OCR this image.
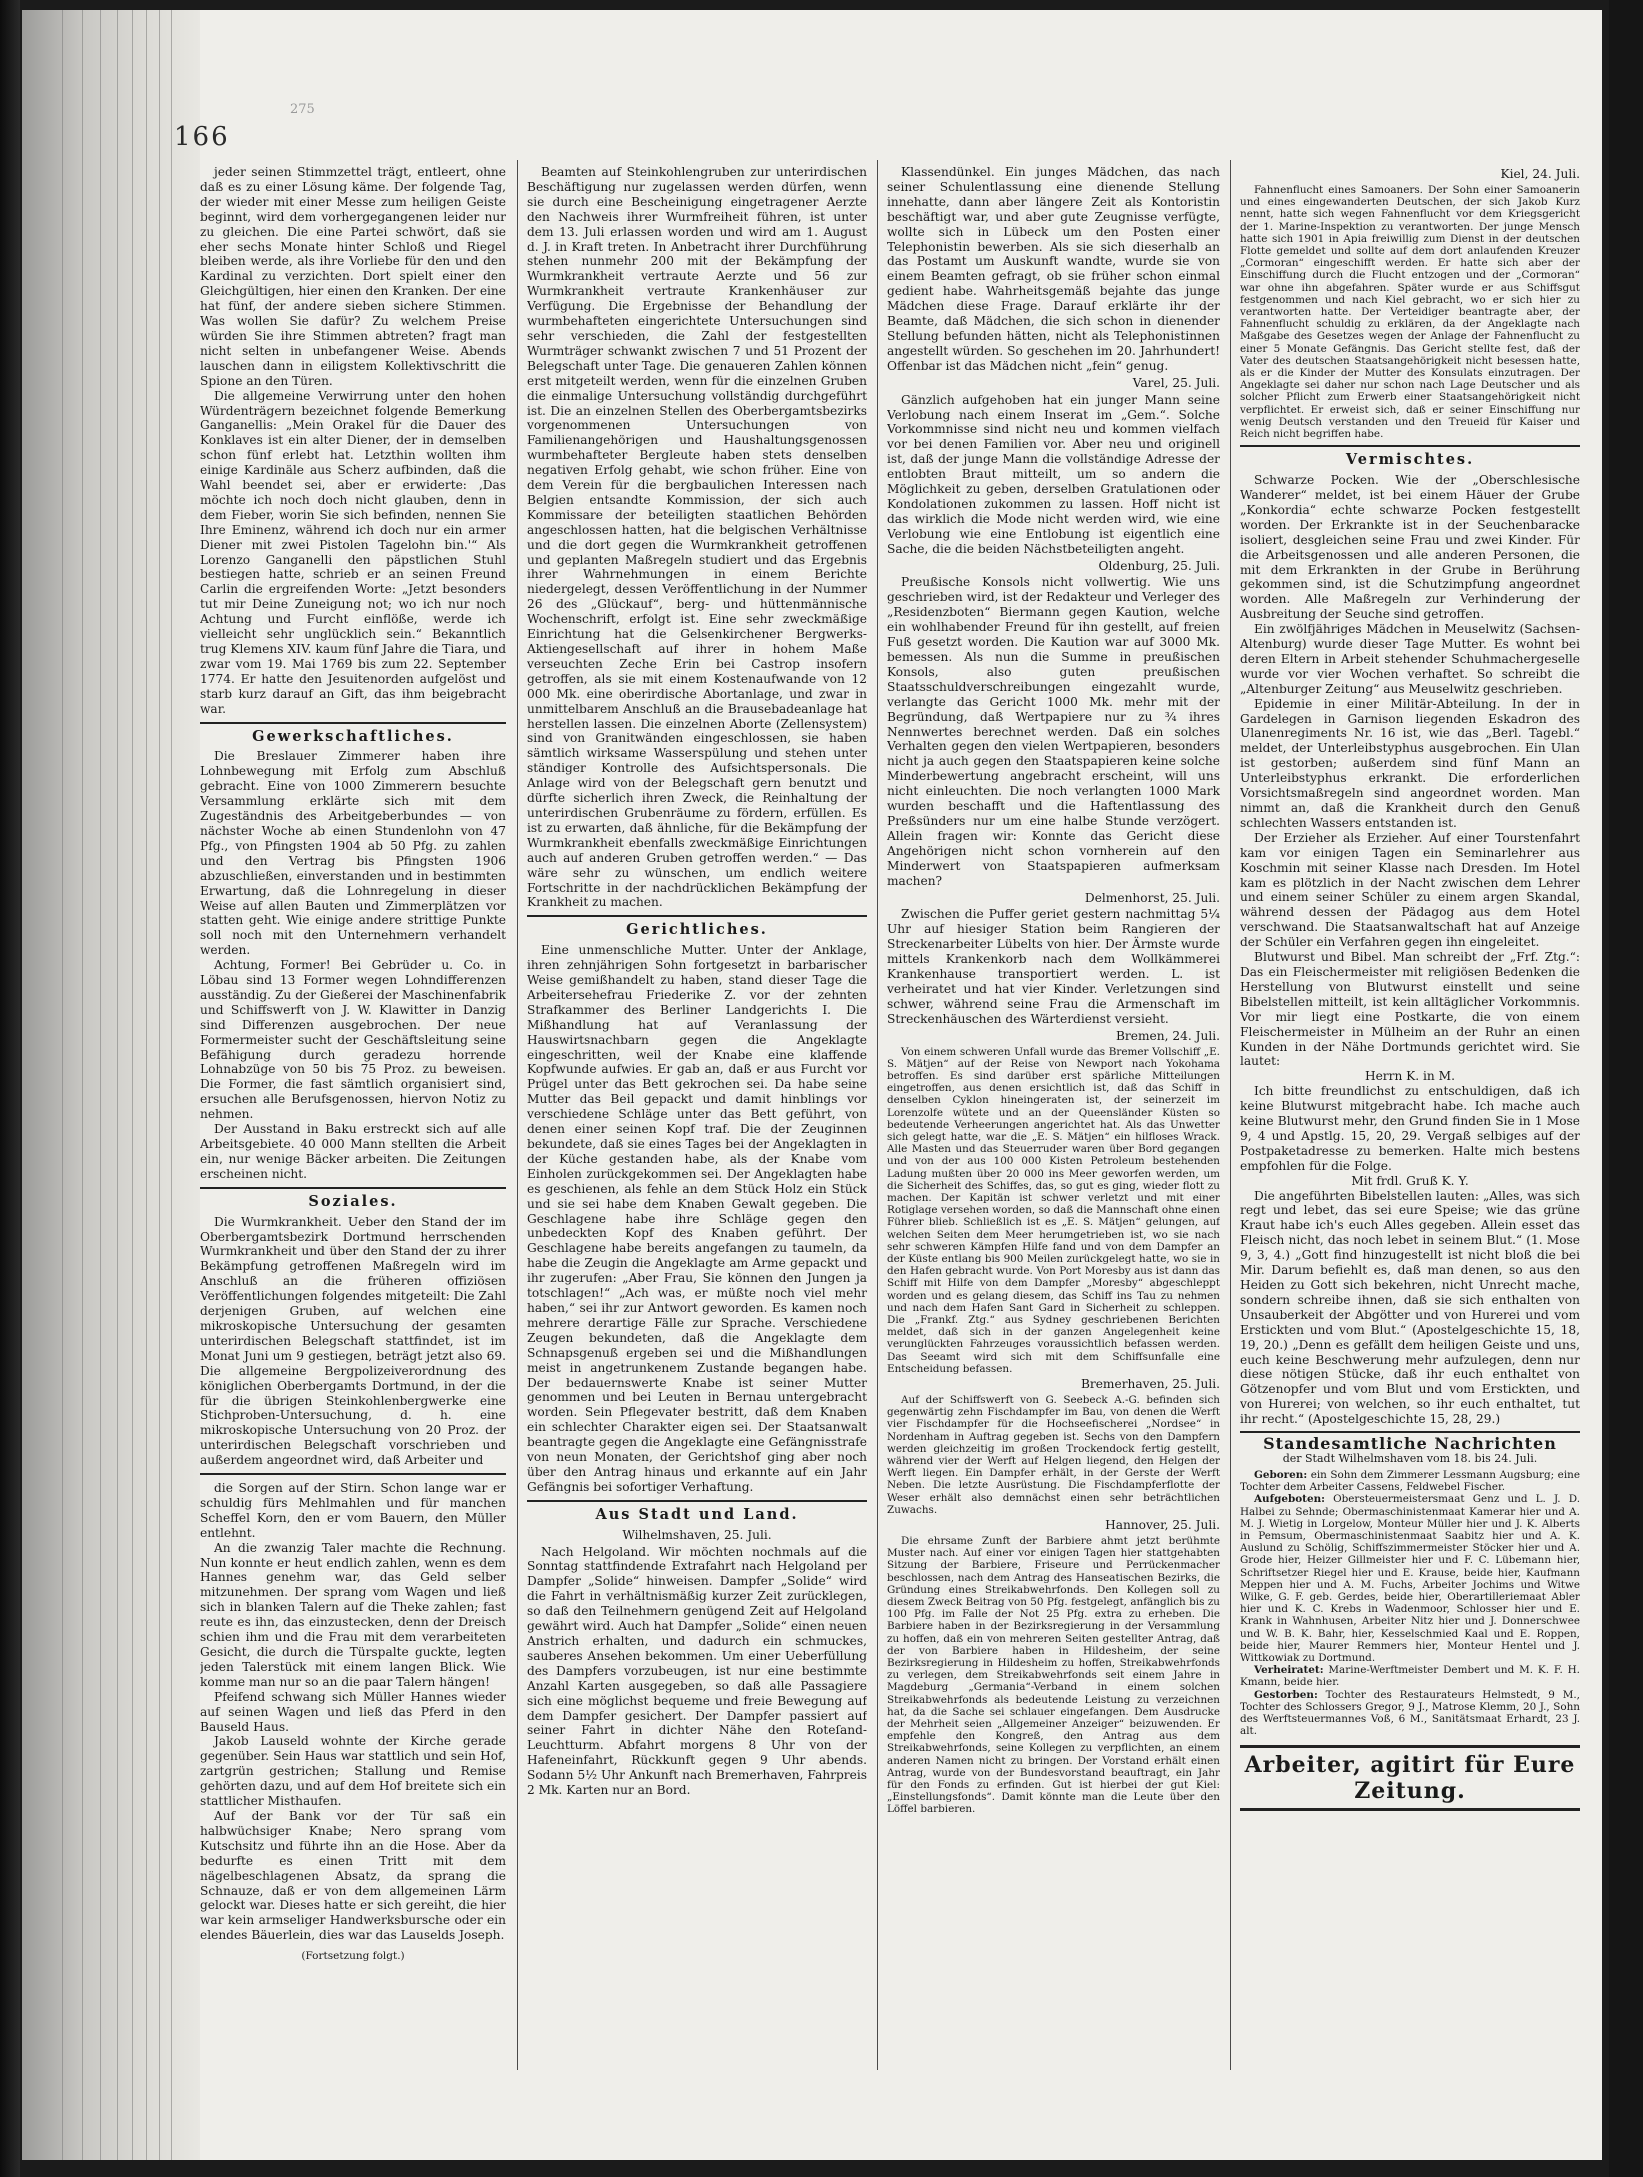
166
275

jeder seinen Stimmzettel trägt, entleert, ohne daß es zu einer Lösung käme. Der folgende Tag, der wieder mit einer Messe zum heiligen Geiste beginnt, wird dem vorhergegangenen leider nur zu gleichen. Die eine Partei schwört, daß sie eher sechs Monate hinter Schloß und Riegel bleiben werde, als ihre Vorliebe für den und den Kardinal zu verzichten. Dort spielt einer den Gleichgültigen, hier einen den Kranken. Der eine hat fünf, der andere sieben sichere Stimmen. Was wollen Sie dafür? Zu welchem Preise würden Sie ihre Stimmen abtreten? fragt man nicht selten in unbefangener Weise. Abends lauschen dann in eiligstem Kollektivschritt die Spione an den Türen.

Die allgemeine Verwirrung unter den hohen Würdenträgern bezeichnet folgende Bemerkung Ganganellis: „Mein Orakel für die Dauer des Konklaves ist ein alter Diener, der in demselben schon fünf erlebt hat. Letzthin wollten ihm einige Kardinäle aus Scherz aufbinden, daß die Wahl beendet sei, aber er erwiderte: ‚Das möchte ich noch doch nicht glauben, denn in dem Fieber, worin Sie sich befinden, nennen Sie Ihre Eminenz, während ich doch nur ein armer Diener mit zwei Pistolen Tagelohn bin.'“ Als Lorenzo Ganganelli den päpstlichen Stuhl bestiegen hatte, schrieb er an seinen Freund Carlin die ergreifenden Worte: „Jetzt besonders tut mir Deine Zuneigung not; wo ich nur noch Achtung und Furcht einflöße, werde ich vielleicht sehr unglücklich sein.“ Bekanntlich trug Klemens XIV. kaum fünf Jahre die Tiara, und zwar vom 19. Mai 1769 bis zum 22. September 1774. Er hatte den Jesuitenorden aufgelöst und starb kurz darauf an Gift, das ihm beigebracht war.

Gewerkschaftliches.

Die Breslauer Zimmerer haben ihre Lohnbewegung mit Erfolg zum Abschluß gebracht. Eine von 1000 Zimmerern besuchte Versammlung erklärte sich mit dem Zugeständnis des Arbeitgeberbundes — von nächster Woche ab einen Stundenlohn von 47 Pfg., von Pfingsten 1904 ab 50 Pfg. zu zahlen und den Vertrag bis Pfingsten 1906 abzuschließen, einverstanden und in bestimmten Erwartung, daß die Lohnregelung in dieser Weise auf allen Bauten und Zimmerplätzen vor statten geht. Wie einige andere strittige Punkte soll noch mit den Unternehmern verhandelt werden.

Achtung, Former! Bei Gebrüder u. Co. in Löbau sind 13 Former wegen Lohndifferenzen ausständig. Zu der Gießerei der Maschinenfabrik und Schiffswerft von J. W. Klawitter in Danzig sind Differenzen ausgebrochen. Der neue Formermeister sucht der Geschäftsleitung seine Befähigung durch geradezu horrende Lohnabzüge von 50 bis 75 Proz. zu beweisen. Die Former, die fast sämtlich organisiert sind, ersuchen alle Berufsgenossen, hiervon Notiz zu nehmen.

Der Ausstand in Baku erstreckt sich auf alle Arbeitsgebiete. 40 000 Mann stellten die Arbeit ein, nur wenige Bäcker arbeiten. Die Zeitungen erscheinen nicht.

Soziales.

Die Wurmkrankheit. Ueber den Stand der im Oberbergamtsbezirk Dortmund herrschenden Wurmkrankheit und über den Stand der zu ihrer Bekämpfung getroffenen Maßregeln wird im Anschluß an die früheren offiziösen Veröffentlichungen folgendes mitgeteilt: Die Zahl derjenigen Gruben, auf welchen eine mikroskopische Untersuchung der gesamten unterirdischen Belegschaft stattfindet, ist im Monat Juni um 9 gestiegen, beträgt jetzt also 69. Die allgemeine Bergpolizeiverordnung des königlichen Oberbergamts Dortmund, in der die für die übrigen Steinkohlenbergwerke eine Stichproben-Untersuchung, d. h. eine mikroskopische Untersuchung von 20 Proz. der unterirdischen Belegschaft vorschrieben und außerdem angeordnet wird, daß Arbeiter und

die Sorgen auf der Stirn. Schon lange war er schuldig fürs Mehlmahlen und für manchen Scheffel Korn, den er vom Bauern, den Müller entlehnt.

An die zwanzig Taler machte die Rechnung. Nun konnte er heut endlich zahlen, wenn es dem Hannes genehm war, das Geld selber mitzunehmen. Der sprang vom Wagen und ließ sich in blanken Talern auf die Theke zahlen; fast reute es ihn, das einzustecken, denn der Dreisch schien ihm und die Frau mit dem verarbeiteten Gesicht, die durch die Türspalte guckte, legten jeden Talerstück mit einem langen Blick. Wie komme man nur so an die paar Talern hängen!

Pfeifend schwang sich Müller Hannes wieder auf seinen Wagen und ließ das Pferd in den Bauseld Haus.

Jakob Lauseld wohnte der Kirche gerade gegenüber. Sein Haus war stattlich und sein Hof, zartgrün gestrichen; Stallung und Remise gehörten dazu, und auf dem Hof breitete sich ein stattlicher Misthaufen.

Auf der Bank vor der Tür saß ein halbwüchsiger Knabe; Nero sprang vom Kutschsitz und führte ihn an die Hose. Aber da bedurfte es einen Tritt mit dem nägelbeschlagenen Absatz, da sprang die Schnauze, daß er von dem allgemeinen Lärm gelockt war. Dieses hatte er sich gereiht, die hier war kein armseliger Handwerksbursche oder ein elendes Bäuerlein, dies war das Lauselds Joseph.

(Fortsetzung folgt.)

Beamten auf Steinkohlengruben zur unterirdischen Beschäftigung nur zugelassen werden dürfen, wenn sie durch eine Bescheinigung eingetragener Aerzte den Nachweis ihrer Wurmfreiheit führen, ist unter dem 13. Juli erlassen worden und wird am 1. August d. J. in Kraft treten. In Anbetracht ihrer Durchführung stehen nunmehr 200 mit der Bekämpfung der Wurmkrankheit vertraute Aerzte und 56 zur Wurmkrankheit vertraute Krankenhäuser zur Verfügung. Die Ergebnisse der Behandlung der wurmbehafteten eingerichtete Untersuchungen sind sehr verschieden, die Zahl der festgestellten Wurmträger schwankt zwischen 7 und 51 Prozent der Belegschaft unter Tage. Die genaueren Zahlen können erst mitgeteilt werden, wenn für die einzelnen Gruben die einmalige Untersuchung vollständig durchgeführt ist. Die an einzelnen Stellen des Oberbergamtsbezirks vorgenommenen Untersuchungen von Familienangehörigen und Haushaltungsgenossen wurmbehafteter Bergleute haben stets denselben negativen Erfolg gehabt, wie schon früher. Eine von dem Verein für die bergbaulichen Interessen nach Belgien entsandte Kommission, der sich auch Kommissare der beteiligten staatlichen Behörden angeschlossen hatten, hat die belgischen Verhältnisse und die dort gegen die Wurmkrankheit getroffenen und geplanten Maßregeln studiert und das Ergebnis ihrer Wahrnehmungen in einem Berichte niedergelegt, dessen Veröffentlichung in der Nummer 26 des „Glückauf“, berg- und hüttenmännische Wochenschrift, erfolgt ist. Eine sehr zweckmäßige Einrichtung hat die Gelsenkirchener Bergwerks-Aktiengesellschaft auf ihrer in hohem Maße verseuchten Zeche Erin bei Castrop insofern getroffen, als sie mit einem Kostenaufwande von 12 000 Mk. eine oberirdische Abortanlage, und zwar in unmittelbarem Anschluß an die Brausebadeanlage hat herstellen lassen. Die einzelnen Aborte (Zellensystem) sind von Granitwänden eingeschlossen, sie haben sämtlich wirksame Wasserspülung und stehen unter ständiger Kontrolle des Aufsichtspersonals. Die Anlage wird von der Belegschaft gern benutzt und dürfte sicherlich ihren Zweck, die Reinhaltung der unterirdischen Grubenräume zu fördern, erfüllen. Es ist zu erwarten, daß ähnliche, für die Bekämpfung der Wurmkrankheit ebenfalls zweckmäßige Einrichtungen auch auf anderen Gruben getroffen werden.“ — Das wäre sehr zu wünschen, um endlich weitere Fortschritte in der nachdrücklichen Bekämpfung der Krankheit zu machen.

Gerichtliches.

Eine unmenschliche Mutter. Unter der Anklage, ihren zehnjährigen Sohn fortgesetzt in barbarischer Weise gemißhandelt zu haben, stand dieser Tage die Arbeitersehefrau Friederike Z. vor der zehnten Strafkammer des Berliner Landgerichts I. Die Mißhandlung hat auf Veranlassung der Hauswirtsnachbarn gegen die Angeklagte eingeschritten, weil der Knabe eine klaffende Kopfwunde aufwies. Er gab an, daß er aus Furcht vor Prügel unter das Bett gekrochen sei. Da habe seine Mutter das Beil gepackt und damit hinblings vor verschiedene Schläge unter das Bett geführt, von denen einer seinen Kopf traf. Die der Zeuginnen bekundete, daß sie eines Tages bei der Angeklagten in der Küche gestanden habe, als der Knabe vom Einholen zurückgekommen sei. Der Angeklagten habe es geschienen, als fehle an dem Stück Holz ein Stück und sie sei habe dem Knaben Gewalt gegeben. Die Geschlagene habe ihre Schläge gegen den unbedeckten Kopf des Knaben geführt. Der Geschlagene habe bereits angefangen zu taumeln, da habe die Zeugin die Angeklagte am Arme gepackt und ihr zugerufen: „Aber Frau, Sie können den Jungen ja totschlagen!“ „Ach was, er müßte noch viel mehr haben,“ sei ihr zur Antwort geworden. Es kamen noch mehrere derartige Fälle zur Sprache. Verschiedene Zeugen bekundeten, daß die Angeklagte dem Schnapsgenuß ergeben sei und die Mißhandlungen meist in angetrunkenem Zustande begangen habe. Der bedauernswerte Knabe ist seiner Mutter genommen und bei Leuten in Bernau untergebracht worden. Sein Pflegevater bestritt, daß dem Knaben ein schlechter Charakter eigen sei. Der Staatsanwalt beantragte gegen die Angeklagte eine Gefängnisstrafe von neun Monaten, der Gerichtshof ging aber noch über den Antrag hinaus und erkannte auf ein Jahr Gefängnis bei sofortiger Verhaftung.

Aus Stadt und Land.
Wilhelmshaven, 25. Juli.

Nach Helgoland. Wir möchten nochmals auf die Sonntag stattfindende Extrafahrt nach Helgoland per Dampfer „Solide“ hinweisen. Dampfer „Solide“ wird die Fahrt in verhältnismäßig kurzer Zeit zurücklegen, so daß den Teilnehmern genügend Zeit auf Helgoland gewährt wird. Auch hat Dampfer „Solide“ einen neuen Anstrich erhalten, und dadurch ein schmuckes, sauberes Ansehen bekommen. Um einer Ueberfüllung des Dampfers vorzubeugen, ist nur eine bestimmte Anzahl Karten ausgegeben, so daß alle Passagiere sich eine möglichst bequeme und freie Bewegung auf dem Dampfer gesichert. Der Dampfer passiert auf seiner Fahrt in dichter Nähe den Roteſand-Leuchtturm. Abfahrt morgens 8 Uhr von der Hafeneinfahrt, Rückkunft gegen 9 Uhr abends. Sodann 5½ Uhr Ankunft nach Bremerhaven, Fahrpreis 2 Mk. Karten nur an Bord.

Klassendünkel. Ein junges Mädchen, das nach seiner Schulentlassung eine dienende Stellung innehatte, dann aber längere Zeit als Kontoristin beschäftigt war, und aber gute Zeugnisse verfügte, wollte sich in Lübeck um den Posten einer Telephonistin bewerben. Als sie sich dieserhalb an das Postamt um Auskunft wandte, wurde sie von einem Beamten gefragt, ob sie früher schon einmal gedient habe. Wahrheitsgemäß bejahte das junge Mädchen diese Frage. Darauf erklärte ihr der Beamte, daß Mädchen, die sich schon in dienender Stellung befunden hätten, nicht als Telephonistinnen angestellt würden. So geschehen im 20. Jahrhundert! Offenbar ist das Mädchen nicht „fein“ genug.

Varel, 25. Juli.

Gänzlich aufgehoben hat ein junger Mann seine Verlobung nach einem Inserat im „Gem.“. Solche Vorkommnisse sind nicht neu und kommen vielfach vor bei denen Familien vor. Aber neu und originell ist, daß der junge Mann die vollständige Adresse der entlobten Braut mitteilt, um so andern die Möglichkeit zu geben, derselben Gratulationen oder Kondolationen zukommen zu lassen. Hoff nicht ist das wirklich die Mode nicht werden wird, wie eine Verlobung wie eine Entlobung ist eigentlich eine Sache, die die beiden Nächstbeteiligten angeht.

Oldenburg, 25. Juli.

Preußische Konsols nicht vollwertig. Wie uns geschrieben wird, ist der Redakteur und Verleger des „Residenzboten“ Biermann gegen Kaution, welche ein wohlhabender Freund für ihn gestellt, auf freien Fuß gesetzt worden. Die Kaution war auf 3000 Mk. bemessen. Als nun die Summe in preußischen Konsols, also guten preußischen Staatsschuldverschreibungen eingezahlt wurde, verlangte das Gericht 1000 Mk. mehr mit der Begründung, daß Wertpapiere nur zu ¾ ihres Nennwertes berechnet werden. Daß ein solches Verhalten gegen den vielen Wertpapieren, besonders nicht ja auch gegen den Staatspapieren keine solche Minderbewertung angebracht erscheint, will uns nicht einleuchten. Die noch verlangten 1000 Mark wurden beschafft und die Haftentlassung des Preßsünders nur um eine halbe Stunde verzögert. Allein fragen wir: Konnte das Gericht diese Angehörigen nicht schon vornherein auf den Minderwert von Staatspapieren aufmerksam machen?

Delmenhorst, 25. Juli.

Zwischen die Puffer geriet gestern nachmittag 5¼ Uhr auf hiesiger Station beim Rangieren der Streckenarbeiter Lübelts von hier. Der Ärmste wurde mittels Krankenkorb nach dem Wollkämmerei Krankenhause transportiert werden. L. ist verheiratet und hat vier Kinder. Verletzungen sind schwer, während seine Frau die Armenschaft im Streckenhäuschen des Wärterdienst versieht.

Bremen, 24. Juli.

Von einem schweren Unfall wurde das Bremer Vollschiff „E. S. Mätjen“ auf der Reise von Newport nach Yokohama betroffen. Es sind darüber erst spärliche Mitteilungen eingetroffen, aus denen ersichtlich ist, daß das Schiff in denselben Cyklon hineingeraten ist, der seinerzeit im Lorenzolfe wütete und an der Queensländer Küsten so bedeutende Verheerungen angerichtet hat. Als das Unwetter sich gelegt hatte, war die „E. S. Mätjen“ ein hilfloses Wrack. Alle Masten und das Steuerruder waren über Bord gegangen und von der aus 100 000 Kisten Petroleum bestehenden Ladung mußten über 20 000 ins Meer geworfen werden, um die Sicherheit des Schiffes, das, so gut es ging, wieder flott zu machen. Der Kapitän ist schwer verletzt und mit einer Rotiglage versehen worden, so daß die Mannschaft ohne einen Führer blieb. Schließlich ist es „E. S. Mätjen“ gelungen, auf welchen Seiten dem Meer herumgetrieben ist, wo sie nach sehr schweren Kämpfen Hilfe fand und von dem Dampfer an der Küste entlang bis 900 Meilen zurückgelegt hatte, wo sie in den Hafen gebracht wurde. Von Port Moresby aus ist dann das Schiff mit Hilfe von dem Dampfer „Moresby“ abgeschleppt worden und es gelang diesem, das Schiff ins Tau zu nehmen und nach dem Hafen Sant Gard in Sicherheit zu schleppen. Die „Frankf. Ztg.“ aus Sydney geschriebenen Berichten meldet, daß sich in der ganzen Angelegenheit keine verunglückten Fahrzeuges voraussichtlich befassen werden. Das Seeamt wird sich mit dem Schiffsunfalle eine Entscheidung befassen.

Bremerhaven, 25. Juli.

Auf der Schiffswerft von G. Seebeck A.-G. befinden sich gegenwärtig zehn Fischdampfer im Bau, von denen die Werft vier Fischdampfer für die Hochseefischerei „Nordsee“ in Nordenham in Auftrag gegeben ist. Sechs von den Dampfern werden gleichzeitig im großen Trockendock fertig gestellt, während vier der Werft auf Helgen liegend, den Helgen der Werft liegen. Ein Dampfer erhält, in der Gerste der Werft Neben. Die letzte Ausrüstung. Die Fischdampferflotte der Weser erhält also demnächst einen sehr beträchtlichen Zuwachs.

Hannover, 25. Juli.

Die ehrsame Zunft der Barbiere ahmt jetzt berühmte Muster nach. Auf einer vor einigen Tagen hier stattgehabten Sitzung der Barbiere, Friseure und Perrückenmacher beschlossen, nach dem Antrag des Hanseatischen Bezirks, die Gründung eines Streikabwehrfonds. Den Kollegen soll zu diesem Zweck Beitrag von 50 Pfg. festgelegt, anfänglich bis zu 100 Pfg. im Falle der Not 25 Pfg. extra zu erheben. Die Barbiere haben in der Bezirksregierung in der Versammlung zu hoffen, daß ein von mehreren Seiten gestellter Antrag, daß der von Barbiere haben in Hildesheim, der seine Bezirksregierung in Hildesheim zu hoffen, Streikabwehrfonds zu verlegen, dem Streikabwehrfonds seit einem Jahre in Magdeburg „Germania“-Verband in einem solchen Streikabwehrfonds als bedeutende Leistung zu verzeichnen hat, da die Sache sei schlauer eingefangen. Dem Ausdrucke der Mehrheit seien „Allgemeiner Anzeiger“ beizuwenden. Er empfehle den Kongreß, den Antrag aus dem Streikabwehrfonds, seine Kollegen zu verpflichten, an einem anderen Namen nicht zu bringen. Der Vorstand erhält einen Antrag, wurde von der Bundesvorstand beauftragt, ein Jahr für den Fonds zu erfinden. Gut ist hierbei der gut Kiel: „Einstellungsfonds“. Damit könnte man die Leute über den Löffel barbieren.

Kiel, 24. Juli.

Fahnenflucht eines Samoaners. Der Sohn einer Samoanerin und eines eingewanderten Deutschen, der sich Jakob Kurz nennt, hatte sich wegen Fahnenflucht vor dem Kriegsgericht der 1. Marine-Inspektion zu verantworten. Der junge Mensch hatte sich 1901 in Apia freiwillig zum Dienst in der deutschen Flotte gemeldet und sollte auf dem dort anlaufenden Kreuzer „Cormoran“ eingeschifft werden. Er hatte sich aber der Einschiffung durch die Flucht entzogen und der „Cormoran“ war ohne ihn abgefahren. Später wurde er aus Schiffsgut festgenommen und nach Kiel gebracht, wo er sich hier zu verantworten hatte. Der Verteidiger beantragte aber, der Fahnenflucht schuldig zu erklären, da der Angeklagte nach Maßgabe des Gesetzes wegen der Anlage der Fahnenflucht zu einer 5 Monate Gefängnis. Das Gericht stellte fest, daß der Vater des deutschen Staatsangehörigkeit nicht besessen hatte, als er die Kinder der Mutter des Konsulats einzutragen. Der Angeklagte sei daher nur schon nach Lage Deutscher und als solcher Pflicht zum Erwerb einer Staatsangehörigkeit nicht verpflichtet. Er erweist sich, daß er seiner Einschiffung nur wenig Deutsch verstanden und den Treueid für Kaiser und Reich nicht begriffen habe.

Vermischtes.

Schwarze Pocken. Wie der „Oberschlesische Wanderer“ meldet, ist bei einem Häuer der Grube „Konkordia“ echte schwarze Pocken festgestellt worden. Der Erkrankte ist in der Seuchenbaracke isoliert, desgleichen seine Frau und zwei Kinder. Für die Arbeitsgenossen und alle anderen Personen, die mit dem Erkrankten in der Grube in Berührung gekommen sind, ist die Schutzimpfung angeordnet worden. Alle Maßregeln zur Verhinderung der Ausbreitung der Seuche sind getroffen.

Ein zwölfjähriges Mädchen in Meuselwitz (Sachsen-Altenburg) wurde dieser Tage Mutter. Es wohnt bei deren Eltern in Arbeit stehender Schuhmachergeselle wurde vor vier Wochen verhaftet. So schreibt die „Altenburger Zeitung“ aus Meuselwitz geschrieben.

Epidemie in einer Militär-Abteilung. In der in Gardelegen in Garnison liegenden Eskadron des Ulanenregiments Nr. 16 ist, wie das „Berl. Tagebl.“ meldet, der Unterleibstyphus ausgebrochen. Ein Ulan ist gestorben; außerdem sind fünf Mann an Unterleibstyphus erkrankt. Die erforderlichen Vorsichtsmaßregeln sind angeordnet worden. Man nimmt an, daß die Krankheit durch den Genuß schlechten Wassers entstanden ist.

Der Erzieher als Erzieher. Auf einer Tourstenfahrt kam vor einigen Tagen ein Seminarlehrer aus Koschmin mit seiner Klasse nach Dresden. Im Hotel kam es plötzlich in der Nacht zwischen dem Lehrer und einem seiner Schüler zu einem argen Skandal, während dessen der Pädagog aus dem Hotel verschwand. Die Staatsanwaltschaft hat auf Anzeige der Schüler ein Verfahren gegen ihn eingeleitet.

Blutwurst und Bibel. Man schreibt der „Frf. Ztg.“: Das ein Fleischermeister mit religiösen Bedenken die Herstellung von Blutwurst einstellt und seine Bibelstellen mitteilt, ist kein alltäglicher Vorkommnis. Vor mir liegt eine Postkarte, die von einem Fleischermeister in Mülheim an der Ruhr an einen Kunden in der Nähe Dortmunds gerichtet wird. Sie lautet:

Herrn K. in M.

Ich bitte freundlichst zu entschuldigen, daß ich keine Blutwurst mitgebracht habe. Ich mache auch keine Blutwurst mehr, den Grund finden Sie in 1 Mose 9, 4 und Apstlg. 15, 20, 29. Vergaß selbiges auf der Postpaketadresse zu bemerken. Halte mich bestens empfohlen für die Folge.

Mit frdl. Gruß K. Y.

Die angeführten Bibelstellen lauten: „Alles, was sich regt und lebet, das sei eure Speise; wie das grüne Kraut habe ich's euch Alles gegeben. Allein esset das Fleisch nicht, das noch lebet in seinem Blut.“ (1. Mose 9, 3, 4.) „Gott find hinzugestellt ist nicht bloß die bei Mir. Darum befiehlt es, daß man denen, so aus den Heiden zu Gott sich bekehren, nicht Unrecht mache, sondern schreibe ihnen, daß sie sich enthalten von Unsauberkeit der Abgötter und von Hurerei und vom Erstickten und vom Blut.“ (Apostelgeschichte 15, 18, 19, 20.) „Denn es gefällt dem heiligen Geiste und uns, euch keine Beschwerung mehr aufzulegen, denn nur diese nötigen Stücke, daß ihr euch enthaltet von Götzenopfer und vom Blut und vom Erstickten, und von Hurerei; von welchen, so ihr euch enthaltet, tut ihr recht.“ (Apostelgeschichte 15, 28, 29.)

Standesamtliche Nachrichten
der Stadt Wilhelmshaven vom 18. bis 24. Juli.

Geboren: ein Sohn dem Zimmerer Lessmann Augsburg; eine Tochter dem Arbeiter Cassens, Feldwebel Fischer.

Aufgeboten: Obersteuermeistersmaat Genz und L. J. D. Halbei zu Sehnde; Obermaschinistenmaat Kamerar hier und A. M. J. Wietig in Lorgelow, Monteur Müller hier und J. K. Alberts in Pemsum, Obermaschinistenmaat Saabitz hier und A. K. Auslund zu Schölig, Schiffszimmermeister Stöcker hier und A. Grode hier, Heizer Gillmeister hier und F. C. Lübemann hier, Schriftsetzer Riegel hier und E. Krause, beide hier, Kaufmann Meppen hier und A. M. Fuchs, Arbeiter Jochims und Witwe Wilke, G. F. geb. Gerdes, beide hier, Oberartilleriemaat Abler hier und K. C. Krebs in Wadenmoor, Schlosser hier und E. Krank in Wahnhusen, Arbeiter Nitz hier und J. Donnerschwee und W. B. K. Bahr, hier, Kesselschmied Kaal und E. Roppen, beide hier, Maurer Remmers hier, Monteur Hentel und J. Wittkowiak zu Dortmund.

Verheiratet: Marine-Werftmeister Dembert und M. K. F. H. Kmann, beide hier.

Gestorben: Tochter des Restaurateurs Helmstedt, 9 M., Tochter des Schlossers Gregor, 9 J., Matrose Klemm, 20 J., Sohn des Werftsteuermannes Voß, 6 M., Sanitätsmaat Erhardt, 23 J. alt.

Arbeiter, agitirt für Eure Zeitung.
